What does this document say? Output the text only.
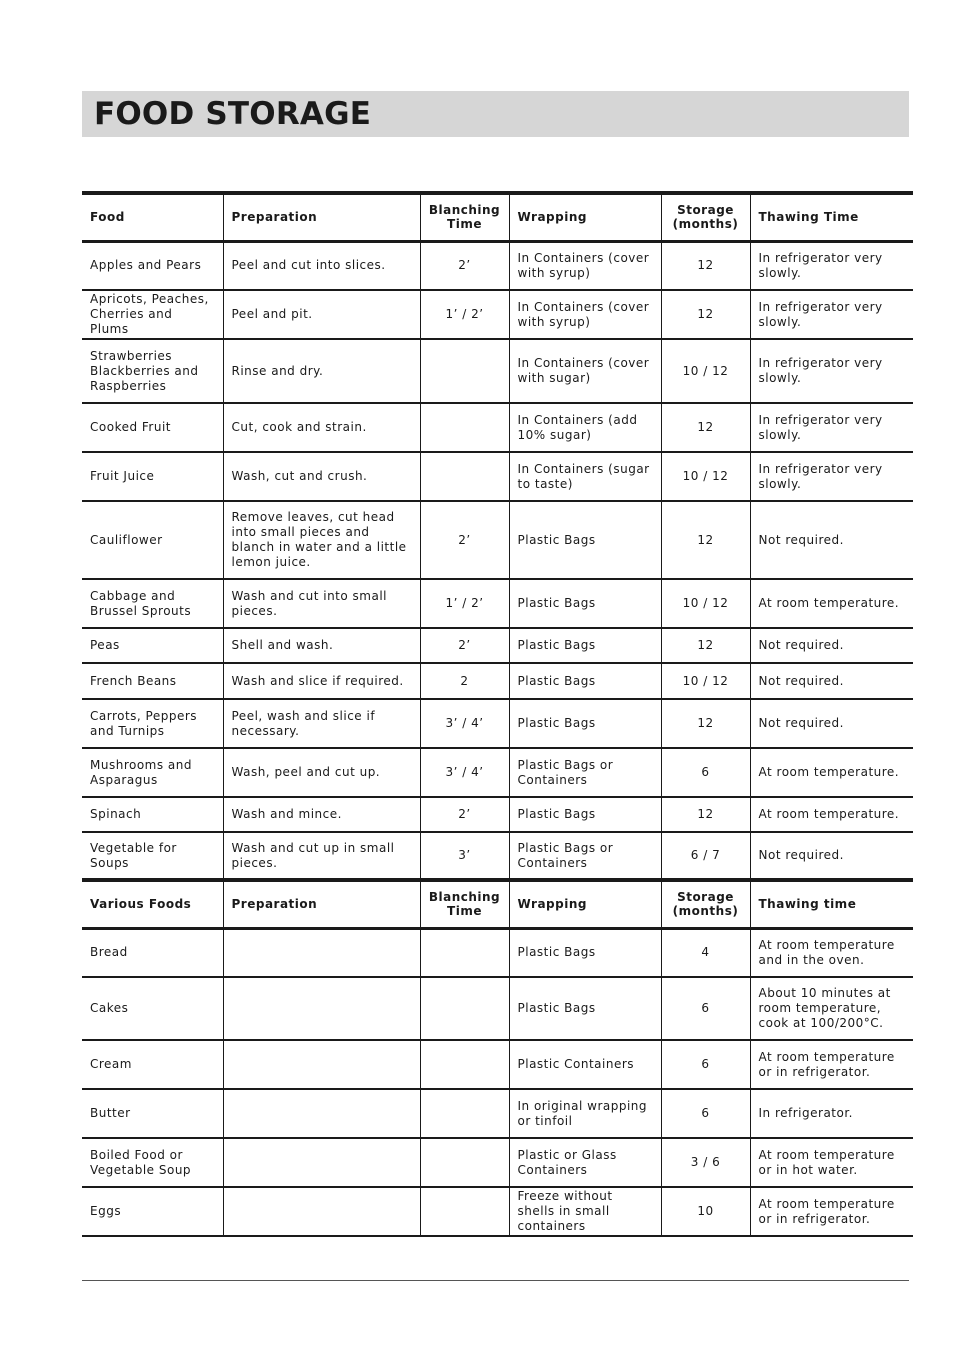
FOOD STORAGE
Food	Preparation	Blanching Time	Wrapping	Storage (months)	Thawing Time
Apples and Pears	Peel and cut into slices.	2’	In Containers (cover with syrup)	12	In refrigerator very slowly.
Apricots, Peaches, Cherries and Plums	Peel and pit.	1’ / 2’	In Containers (cover with syrup)	12	In refrigerator very slowly.
Strawberries Blackberries and Raspberries	Rinse and dry.		In Containers (cover with sugar)	10 / 12	In refrigerator very slowly.
Cooked Fruit	Cut, cook and strain.		In Containers (add 10% sugar)	12	In refrigerator very slowly.
Fruit Juice	Wash, cut and crush.		In Containers (sugar to taste)	10 / 12	In refrigerator very slowly.
Cauliflower	Remove leaves, cut head into small pieces and blanch in water and a little lemon juice.	2’	Plastic Bags	12	Not required.
Cabbage and Brussel Sprouts	Wash and cut into small pieces.	1’ / 2’	Plastic Bags	10 / 12	At room temperature.
Peas	Shell and wash.	2’	Plastic Bags	12	Not required.
French Beans	Wash and slice if required.	2	Plastic Bags	10 / 12	Not required.
Carrots, Peppers and Turnips	Peel, wash and slice if necessary.	3’ / 4’	Plastic Bags	12	Not required.
Mushrooms and Asparagus	Wash, peel and cut up.	3’ / 4’	Plastic Bags or Containers	6	At room temperature.
Spinach	Wash and mince.	2’	Plastic Bags	12	At room temperature.
Vegetable for Soups	Wash and cut up in small pieces.	3’	Plastic Bags or Containers	6 / 7	Not required.
Various Foods	Preparation	Blanching Time	Wrapping	Storage (months)	Thawing time
Bread			Plastic Bags	4	At room temperature and in the oven.
Cakes			Plastic Bags	6	About 10 minutes at room temperature, cook at 100/200°C.
Cream			Plastic Containers	6	At room temperature or in refrigerator.
Butter			In original wrapping or tinfoil	6	In refrigerator.
Boiled Food or Vegetable Soup			Plastic or Glass Containers	3 / 6	At room temperature or in hot water.
Eggs			Freeze without shells in small containers	10	At room temperature or in refrigerator.
